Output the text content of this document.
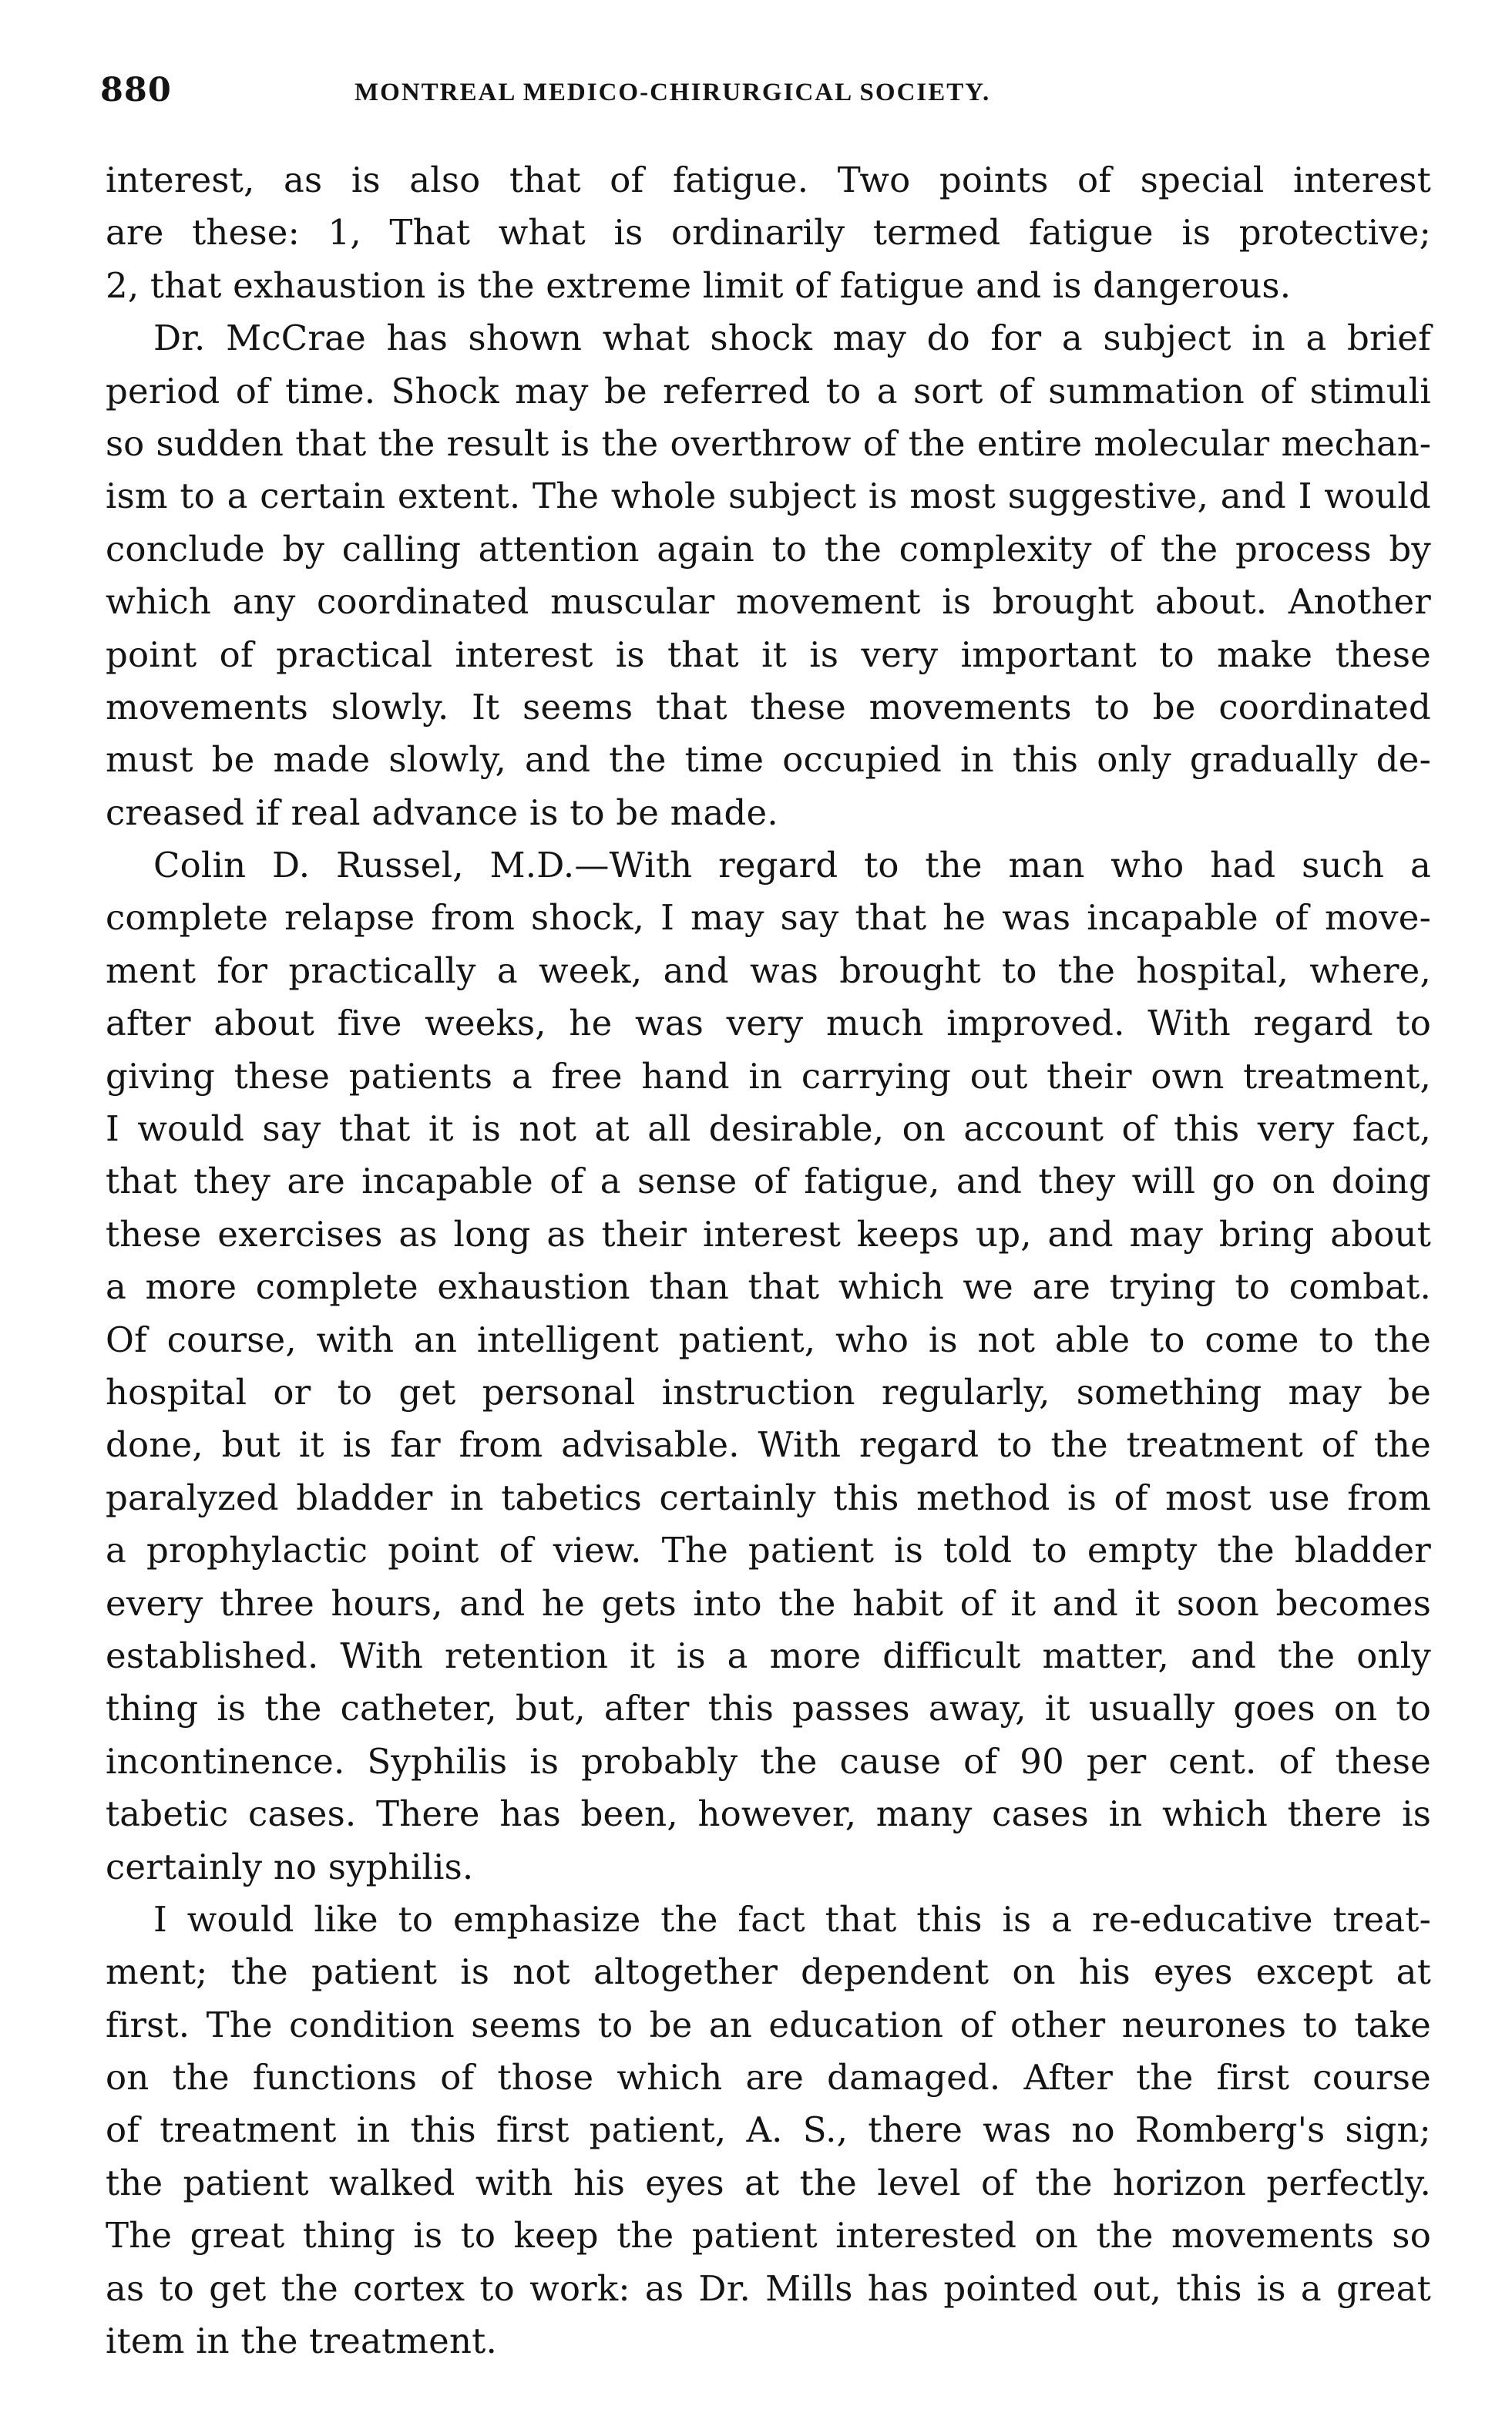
880	MONTREAL MEDICO-CHIRURGICAL SOCIETY.
interest, as is also that of fatigue. Two points of special interest
are these: 1, That what is ordinarily termed fatigue is protective;
2, that exhaustion is the extreme limit of fatigue and is dangerous.
Dr. McCrae has shown what shock may do for a subject in a brief
period of time. Shock may be referred to a sort of summation of stimuli
so sudden that the result is the overthrow of the entire molecular mechan-
ism to a certain extent. The whole subject is most suggestive, and I would
conclude by calling attention again to the complexity of the process by
which any coordinated muscular movement is brought about. Another
point of practical interest is that it is very important to make these
movements slowly. It seems that these movements to be coordinated
must be made slowly, and the time occupied in this only gradually de-
creased if real advance is to be made.
Colin D. Russel, M.D.—With regard to the man who had such a
complete relapse from shock, I may say that he was incapable of move-
ment for practically a week, and was brought to the hospital, where,
after about five weeks, he was very much improved. With regard to
giving these patients a free hand in carrying out their own treatment,
I would say that it is not at all desirable, on account of this very fact,
that they are incapable of a sense of fatigue, and they will go on doing
these exercises as long as their interest keeps up, and may bring about
a more complete exhaustion than that which we are trying to combat.
Of course, with an intelligent patient, who is not able to come to the
hospital or to get personal instruction regularly, something may be
done, but it is far from advisable. With regard to the treatment of the
paralyzed bladder in tabetics certainly this method is of most use from
a prophylactic point of view. The patient is told to empty the bladder
every three hours, and he gets into the habit of it and it soon becomes
established. With retention it is a more difficult matter, and the only
thing is the catheter, but, after this passes away, it usually goes on to
incontinence. Syphilis is probably the cause of 90 per cent. of these
tabetic cases. There has been, however, many cases in which there is
certainly no syphilis.
I would like to emphasize the fact that this is a re-educative treat-
ment; the patient is not altogether dependent on his eyes except at
first. The condition seems to be an education of other neurones to take
on the functions of those which are damaged. After the first course
of treatment in this first patient, A. S., there was no Romberg's sign;
the patient walked with his eyes at the level of the horizon perfectly.
The great thing is to keep the patient interested on the movements so
as to get the cortex to work: as Dr. Mills has pointed out, this is a great
item in the treatment.
